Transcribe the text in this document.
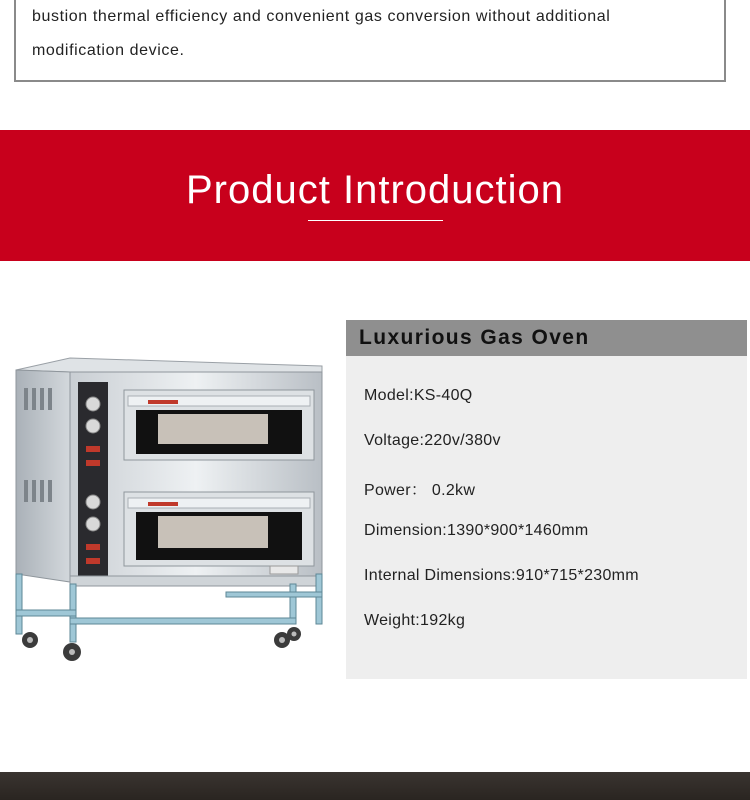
bustion thermal efficiency and convenient gas conversion without additional
modification device.
Product Introduction
Luxurious Gas Oven
Model:KS-40Q
Voltage:220v/380v
Power： 0.2kw
Dimension:1390*900*1460mm
Internal Dimensions:910*715*230mm
Weight:192kg
